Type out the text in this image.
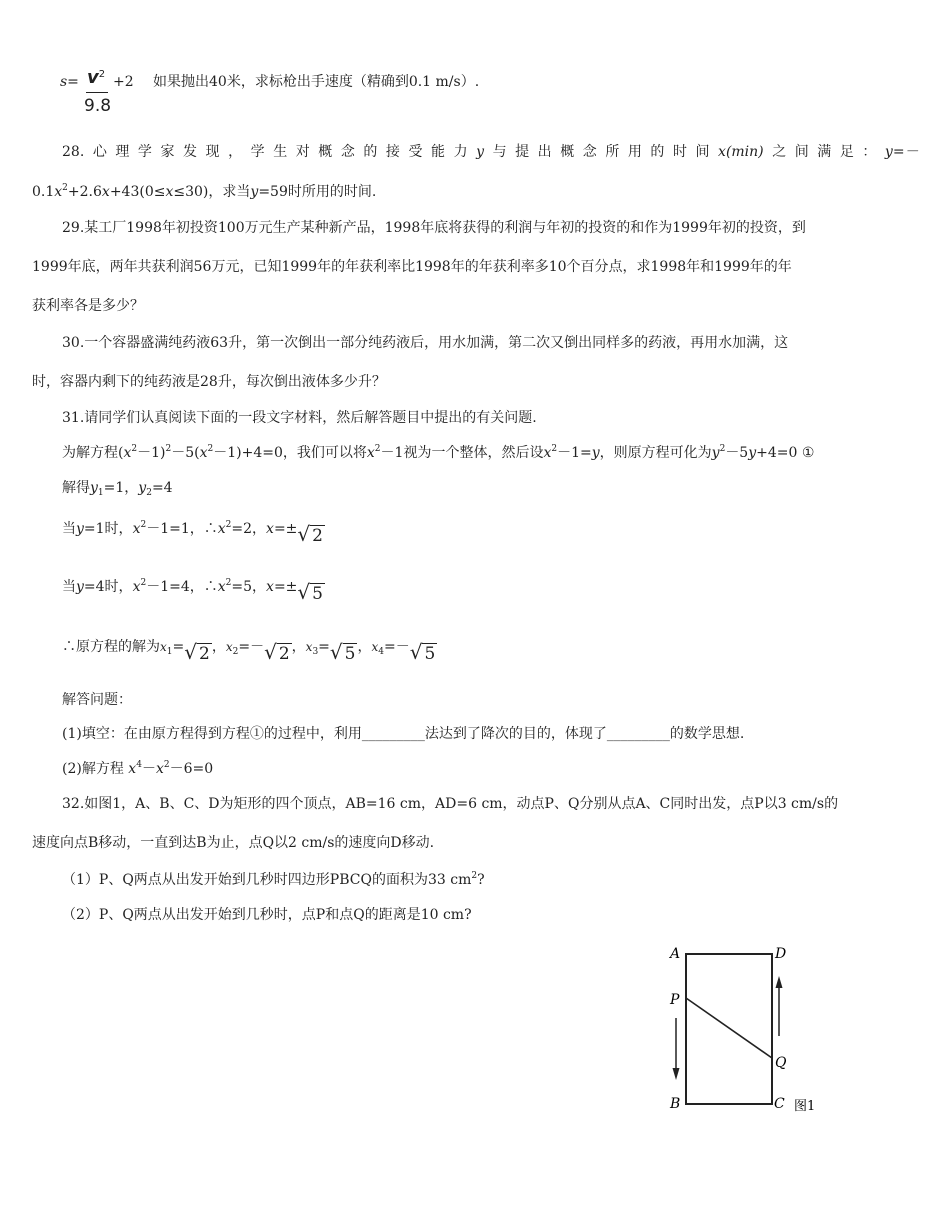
$s= v^2$
9.8
+2 如果抛出40米，求标枪出手速度（精确到0.1 m/s）.
28. 心 理 学 家 发 现 ， 学 生 对 概 念 的 接 受 能 力 y 与 提 出 概 念 所 用 的 时 间 x(min) 之 间 满 足 ： y=－
$0.1x^2+2.6x+43(0\le x\le 30)$，求当y=59时所用的时间.
29.某工厂1998年初投资100万元生产某种新产品，1998年底将获得的利润与年初的投资的和作为1999年初的投资，到
1999年底，两年共获利润56万元，已知1999年的年获利率比1998年的年获利率多10个百分点，求1998年和1999年的年
获利率各是多少？
30.一个容器盛满纯药液63升，第一次倒出一部分纯药液后，用水加满，第二次又倒出同样多的药液，再用水加满，这
时，容器内剩下的纯药液是28升，每次倒出液体多少升？
31.请同学们认真阅读下面的一段文字材料，然后解答题目中提出的有关问题.
为解方程$(x^2-1)^2-5(x^2-1)+4=0$，我们可以将$x^2-1$视为一个整体，然后设$x^2-1=y$，则原方程可化为$y^2-5y+4=0$ ①
解得$y_1=1$，$y_2=4$
当y=1时，$x^2-1=1$，$\therefore x^2=2$，x=±√ 2
当y=4时，$x^2-1=4$，$\therefore x^2=5$，x=±√ 5
∴原方程的解为$x_1=√$ 2 ，$x_2=-√$ 2 ，$x_3=√$ 5 ，$x_4=-√$ 5
解答问题：
(1)填空：在由原方程得到方程①的过程中，利用_________法达到了降次的目的，体现了_________的数学思想.
(2)解方程 $x^4-x^2-6=0$
32.如图1，A、B、C、D为矩形的四个顶点，AB=16 cm，AD=6 cm，动点P、Q分别从点A、C同时出发，点P以3 cm/s的
速度向点B移动，一直到达B为止，点Q以2 cm/s的速度向D移动.
（1）P、Q两点从出发开始到几秒时四边形PBCQ的面积为33 $cm^2$?
（2）P、Q两点从出发开始到几秒时，点P和点Q的距离是10 cm?
A	D
P
Q
B	C 图1
